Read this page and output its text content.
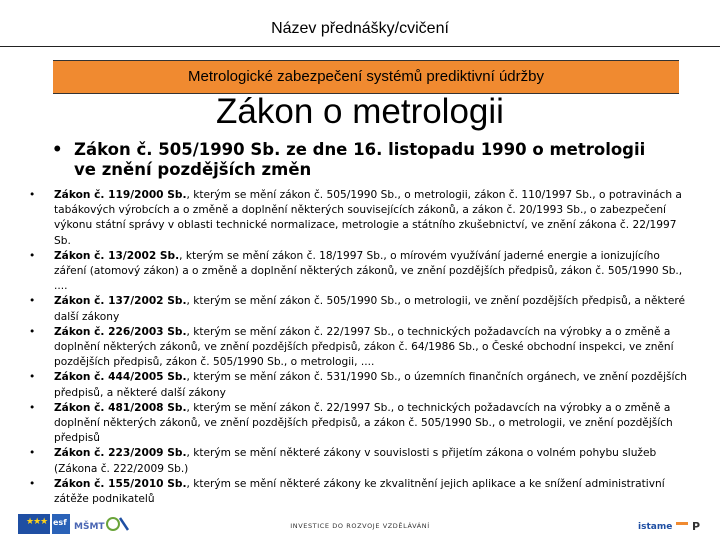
Název přednášky/cvičení
Metrologické zabezpečení systémů prediktivní údržby
Zákon o metrologii
• Zákon č. 505/1990 Sb. ze dne 16. listopadu 1990 o metrologii ve znění pozdějších změn
• Zákon č. 119/2000 Sb., kterým se mění zákon č. 505/1990 Sb., o metrologii, zákon č. 110/1997 Sb., o potravinách a tabákových výrobcích a o změně a doplnění některých souvisejících zákonů, a zákon č. 20/1993 Sb., o zabezpečení výkonu státní správy v oblasti technické normalizace, metrologie a státního zkušebnictví, ve znění zákona č. 22/1997 Sb.
• Zákon č. 13/2002 Sb., kterým se mění zákon č. 18/1997 Sb., o mírovém využívání jaderné energie a ionizujícího záření (atomový zákon) a o změně a doplnění některých zákonů, ve znění pozdějších předpisů, zákon č. 505/1990 Sb., ....
• Zákon č. 137/2002 Sb., kterým se mění zákon č. 505/1990 Sb., o metrologii, ve znění pozdějších předpisů, a některé další zákony
• Zákon č. 226/2003 Sb., kterým se mění zákon č. 22/1997 Sb., o technických požadavcích na výrobky a o změně a doplnění některých zákonů, ve znění pozdějších předpisů, zákon č. 64/1986 Sb., o České obchodní inspekci, ve znění pozdějších předpisů, zákon č. 505/1990 Sb., o metrologii, ....
• Zákon č. 444/2005 Sb., kterým se mění zákon č. 531/1990 Sb., o územních finančních orgánech, ve znění pozdějších předpisů, a některé další zákony
• Zákon č. 481/2008 Sb., kterým se mění zákon č. 22/1997 Sb., o technických požadavcích na výrobky a o změně a doplnění některých zákonů, ve znění pozdějších předpisů, a zákon č. 505/1990 Sb., o metrologii, ve znění pozdějších předpisů
• Zákon č. 223/2009 Sb., kterým se mění některé zákony v souvislosti s přijetím zákona o volném pohybu služeb (Zákona č. 222/2009 Sb.)
• Zákon č. 155/2010 Sb., kterým se mění některé zákony ke zkvalitnění jejich aplikace a ke snížení administrativní zátěže podnikatelů
★★★ esf MŠMT	INVESTICE DO ROZVOJE VZDĚLÁVÁNÍ	istame P
